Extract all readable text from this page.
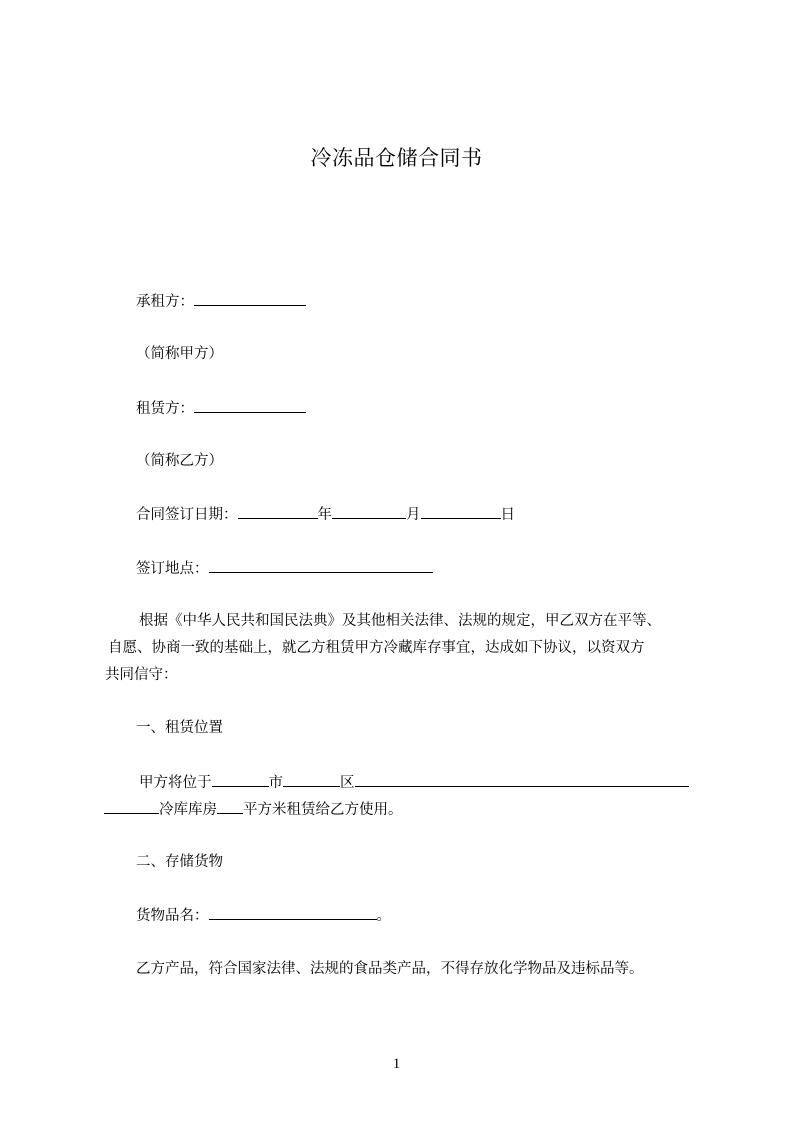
冷冻品仓储合同书
承租方：
（简称甲方）
租赁方：
（简称乙方）
合同签订日期：	年	月	日
签订地点：
根据《中华人民共和国民法典》及其他相关法律、法规的规定，甲乙双方在平等、
自愿、协商一致的基础上，就乙方租赁甲方冷藏库存事宜，达成如下协议，以资双方
共同信守：
一、租赁位置
甲方将位于	市	区
冷库库房 平方米租赁给乙方使用。
二、存储货物
货物品名：	。
乙方产品，符合国家法律、法规的食品类产品，不得存放化学物品及违标品等。
1
